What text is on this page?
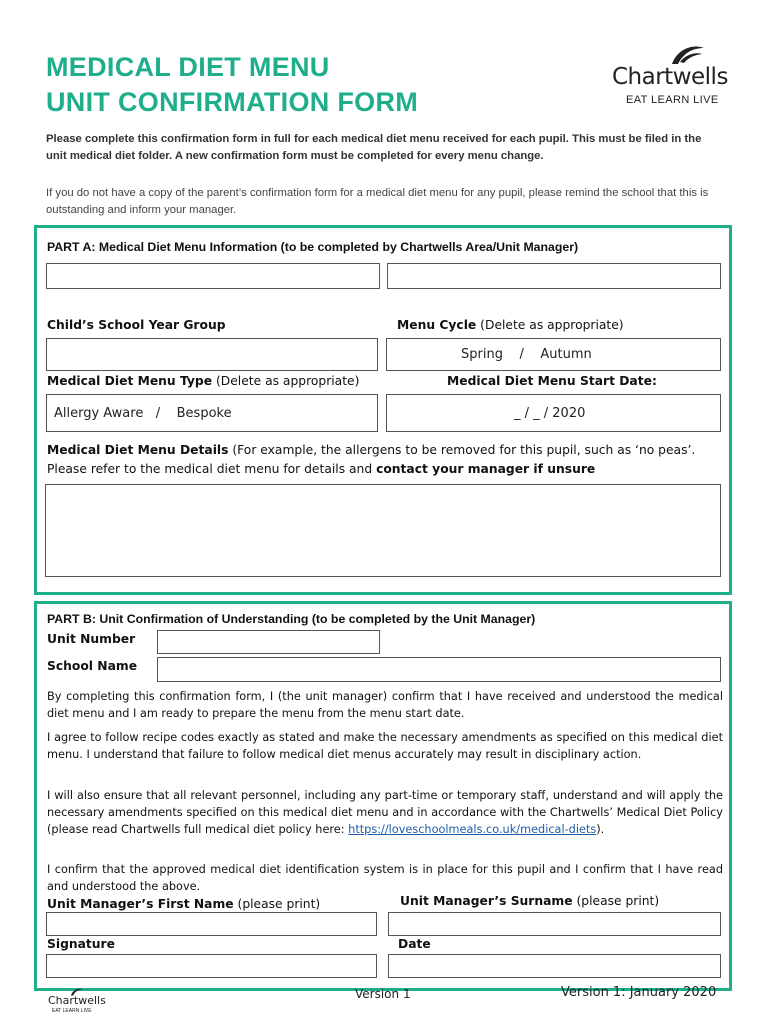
MEDICAL DIET MENU
UNIT CONFIRMATION FORM
Chartwells
EAT LEARN LIVE
Please complete this confirmation form in full for each medical diet menu received for each pupil. This must be filed in the unit medical diet folder. A new confirmation form must be completed for every menu change.
If you do not have a copy of the parent’s confirmation form for a medical diet menu for any pupil, please remind the school that this is outstanding and inform your manager.
PART A: Medical Diet Menu Information (to be completed by Chartwells Area/Unit Manager)
Child’s School Year Group	Menu Cycle (Delete as appropriate)
Spring    /    Autumn
Medical Diet Menu Type (Delete as appropriate)	Medical Diet Menu Start Date:
Allergy Aware   /    Bespoke	_ / _ / 2020
Medical Diet Menu Details (For example, the allergens to be removed for this pupil, such as ‘no peas’. Please refer to the medical diet menu for details and contact your manager if unsure
PART B: Unit Confirmation of Understanding (to be completed by the Unit Manager)
Unit Number
School Name
By completing this confirmation form, I (the unit manager) confirm that I have received and understood the medical diet menu and I am ready to prepare the menu from the menu start date.
I agree to follow recipe codes exactly as stated and make the necessary amendments as specified on this medical diet menu. I understand that failure to follow medical diet menus accurately may result in disciplinary action.
I will also ensure that all relevant personnel, including any part-time or temporary staff, understand and will apply the necessary amendments specified on this medical diet menu and in accordance with the Chartwells’ Medical Diet Policy (please read Chartwells full medical diet policy here: https://loveschoolmeals.co.uk/medical-diets).
I confirm that the approved medical diet identification system is in place for this pupil and I confirm that I have read and understood the above.
Unit Manager’s First Name (please print)	Unit Manager’s Surname (please print)
Signature	Date
Chartwells
EAT LEARN LIVE
Version 1	Version 1: January 2020
